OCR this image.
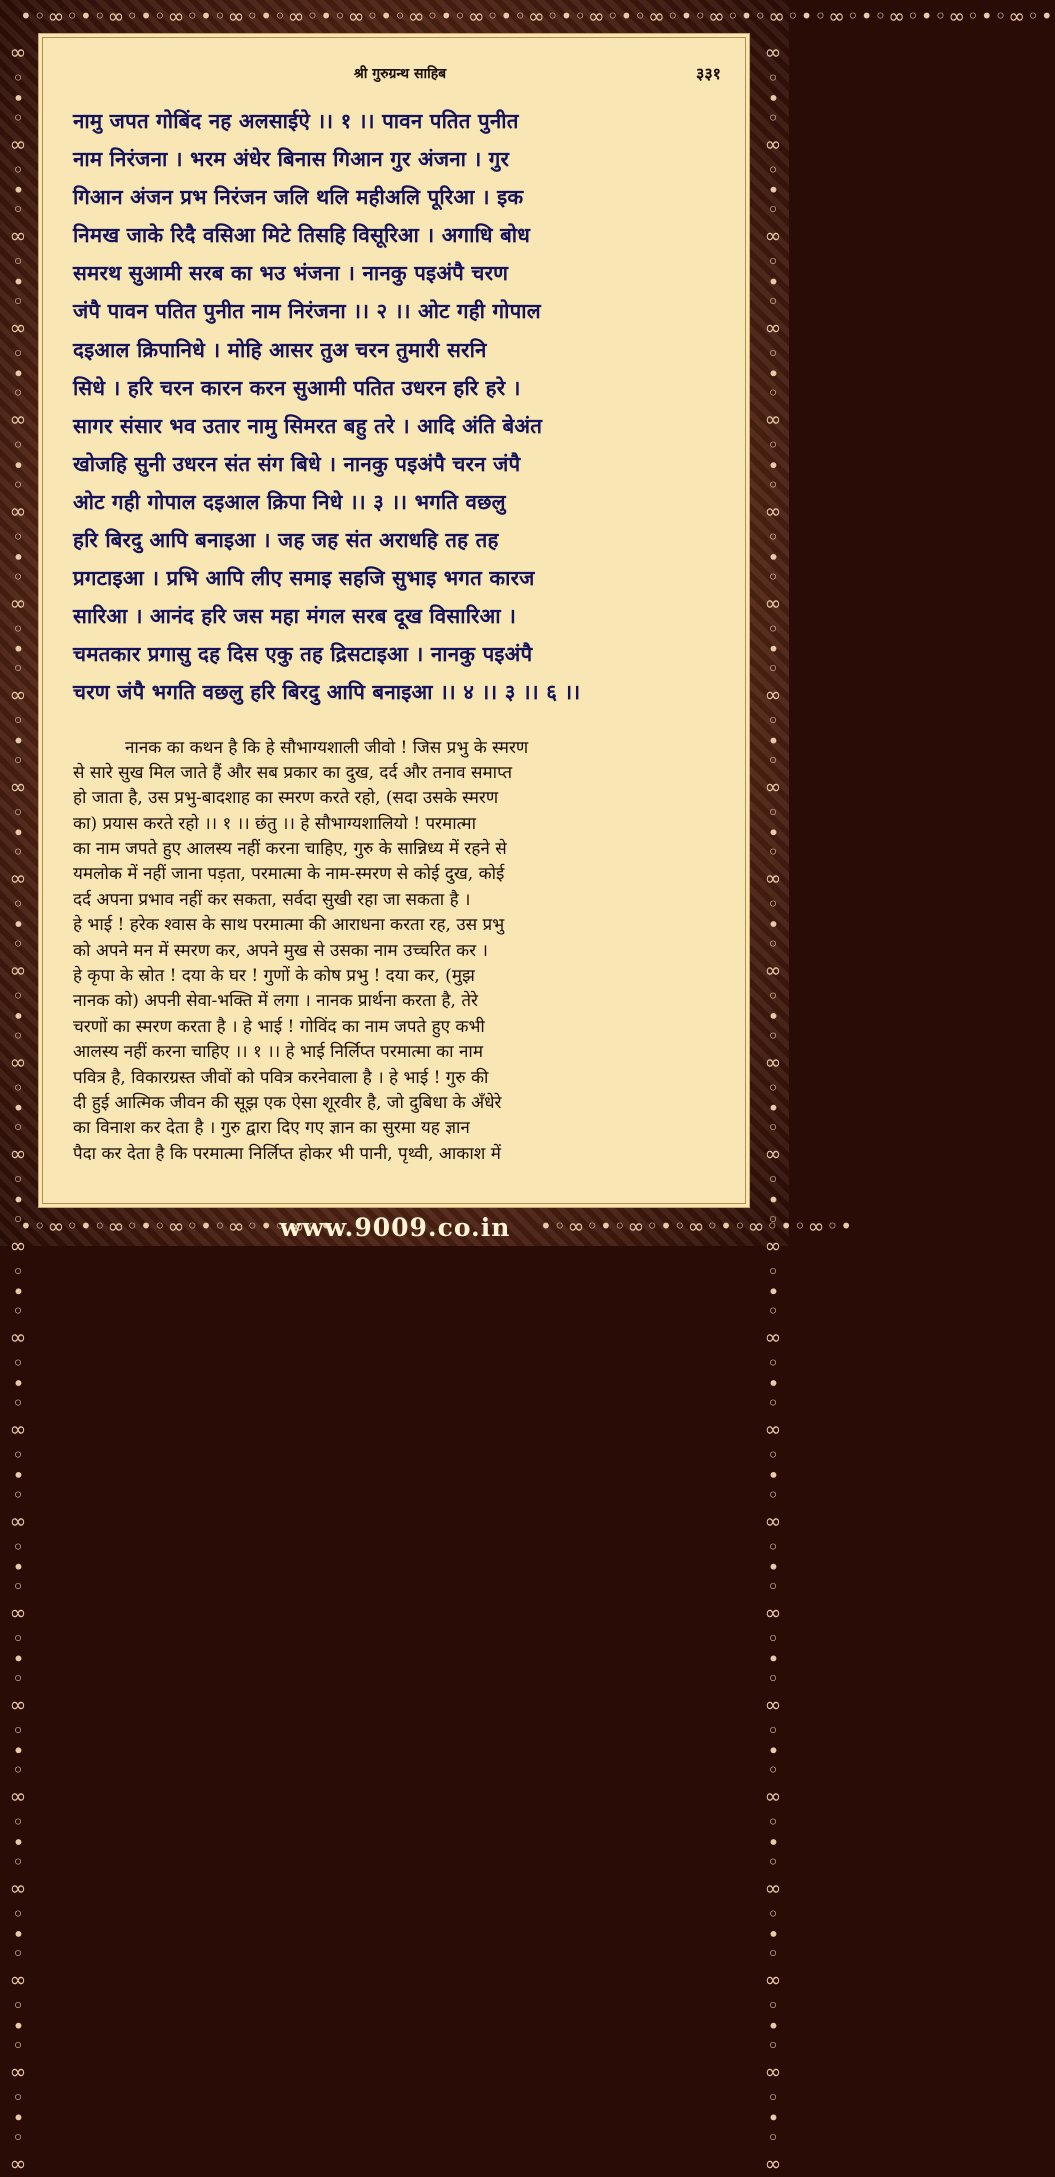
•◦∞◦•◦∞◦•◦∞◦•◦∞◦•◦∞◦•◦∞◦•◦∞◦•◦∞◦•◦∞◦•◦∞◦•◦∞◦•◦∞◦•◦∞◦•◦∞◦•◦∞◦•◦∞◦•◦∞◦•
∞◦•◦∞◦•◦∞◦•◦∞◦•◦∞◦•◦∞◦•◦∞◦•◦∞◦•◦∞◦•◦∞◦•◦∞◦•◦∞◦•◦∞◦•◦∞◦•◦∞◦•◦∞◦•◦∞◦•◦∞◦•◦∞◦•◦∞◦•◦∞◦•◦∞◦•◦∞◦•◦∞	∞◦•◦∞◦•◦∞◦•◦∞◦•◦∞◦•◦∞◦•◦∞◦•◦∞◦•◦∞◦•◦∞◦•◦∞◦•◦∞◦•◦∞◦•◦∞◦•◦∞◦•◦∞◦•◦∞◦•◦∞◦•◦∞◦•◦∞◦•◦∞◦•◦∞◦•◦∞◦•◦∞
•◦∞◦•◦∞◦•◦∞◦•◦∞◦•◦∞◦•	•◦∞◦•◦∞◦•◦∞◦•◦∞◦•◦∞◦•
श्री गुरुग्रन्थ साहिब	३३१
नामु जपत गोबिंद नह अलसाईऐ ।। १ ।। पावन पतित पुनीत
नाम निरंजना । भरम अंधेर बिनास गिआन गुर अंजना । गुर
गिआन अंजन प्रभ निरंजन जलि थलि महीअलि पूरिआ । इक
निमख जाके रिदै वसिआ मिटे तिसहि विसूरिआ । अगाधि बोध
समरथ सुआमी सरब का भउ भंजना । नानकु पइअंपै चरण
जंपै पावन पतित पुनीत नाम निरंजना ।। २ ।। ओट गही गोपाल
दइआल क्रिपानिधे । मोहि आसर तुअ चरन तुमारी सरनि
सिधे । हरि चरन कारन करन सुआमी पतित उधरन हरि हरे ।
सागर संसार भव उतार नामु सिमरत बहु तरे । आदि अंति बेअंत
खोजहि सुनी उधरन संत संग बिधे । नानकु पइअंपै चरन जंपै
ओट गही गोपाल दइआल क्रिपा निधे ।। ३ ।। भगति वछलु
हरि बिरदु आपि बनाइआ । जह जह संत अराधहि तह तह
प्रगटाइआ । प्रभि आपि लीए समाइ सहजि सुभाइ भगत कारज
सारिआ । आनंद हरि जस महा मंगल सरब दूख विसारिआ ।
चमतकार प्रगासु दह दिस एकु तह द्रिसटाइआ । नानकु पइअंपै
चरण जंपै भगति वछलु हरि बिरदु आपि बनाइआ ।। ४ ।। ३ ।। ६ ।।
नानक का कथन है कि हे सौभाग्यशाली जीवो ! जिस प्रभु के स्मरण
से सारे सुख मिल जाते हैं और सब प्रकार का दुख, दर्द और तनाव समाप्त
हो जाता है, उस प्रभु-बादशाह का स्मरण करते रहो, (सदा उसके स्मरण
का) प्रयास करते रहो ।। १ ।। छंतु ।। हे सौभाग्यशालियो ! परमात्मा
का नाम जपते हुए आलस्य नहीं करना चाहिए, गुरु के सान्निध्य में रहने से
यमलोक में नहीं जाना पड़ता, परमात्मा के नाम-स्मरण से कोई दुख, कोई
दर्द अपना प्रभाव नहीं कर सकता, सर्वदा सुखी रहा जा सकता है ।
हे भाई ! हरेक श्वास के साथ परमात्मा की आराधना करता रह, उस प्रभु
को अपने मन में स्मरण कर, अपने मुख से उसका नाम उच्चरित कर ।
हे कृपा के स्रोत ! दया के घर ! गुणों के कोष प्रभु ! दया कर, (मुझ
नानक को) अपनी सेवा-भक्ति में लगा । नानक प्रार्थना करता है, तेरे
चरणों का स्मरण करता है । हे भाई ! गोविंद का नाम जपते हुए कभी
आलस्य नहीं करना चाहिए ।। १ ।। हे भाई निर्लिप्त परमात्मा का नाम
पवित्र है, विकारग्रस्त जीवों को पवित्र करनेवाला है । हे भाई ! गुरु की
दी हुई आत्मिक जीवन की सूझ एक ऐसा शूरवीर है, जो दुबिधा के अँधेरे
का विनाश कर देता है । गुरु द्वारा दिए गए ज्ञान का सुरमा यह ज्ञान
पैदा कर देता है कि परमात्मा निर्लिप्त होकर भी पानी, पृथ्वी, आकाश में
www.9009.co.in
